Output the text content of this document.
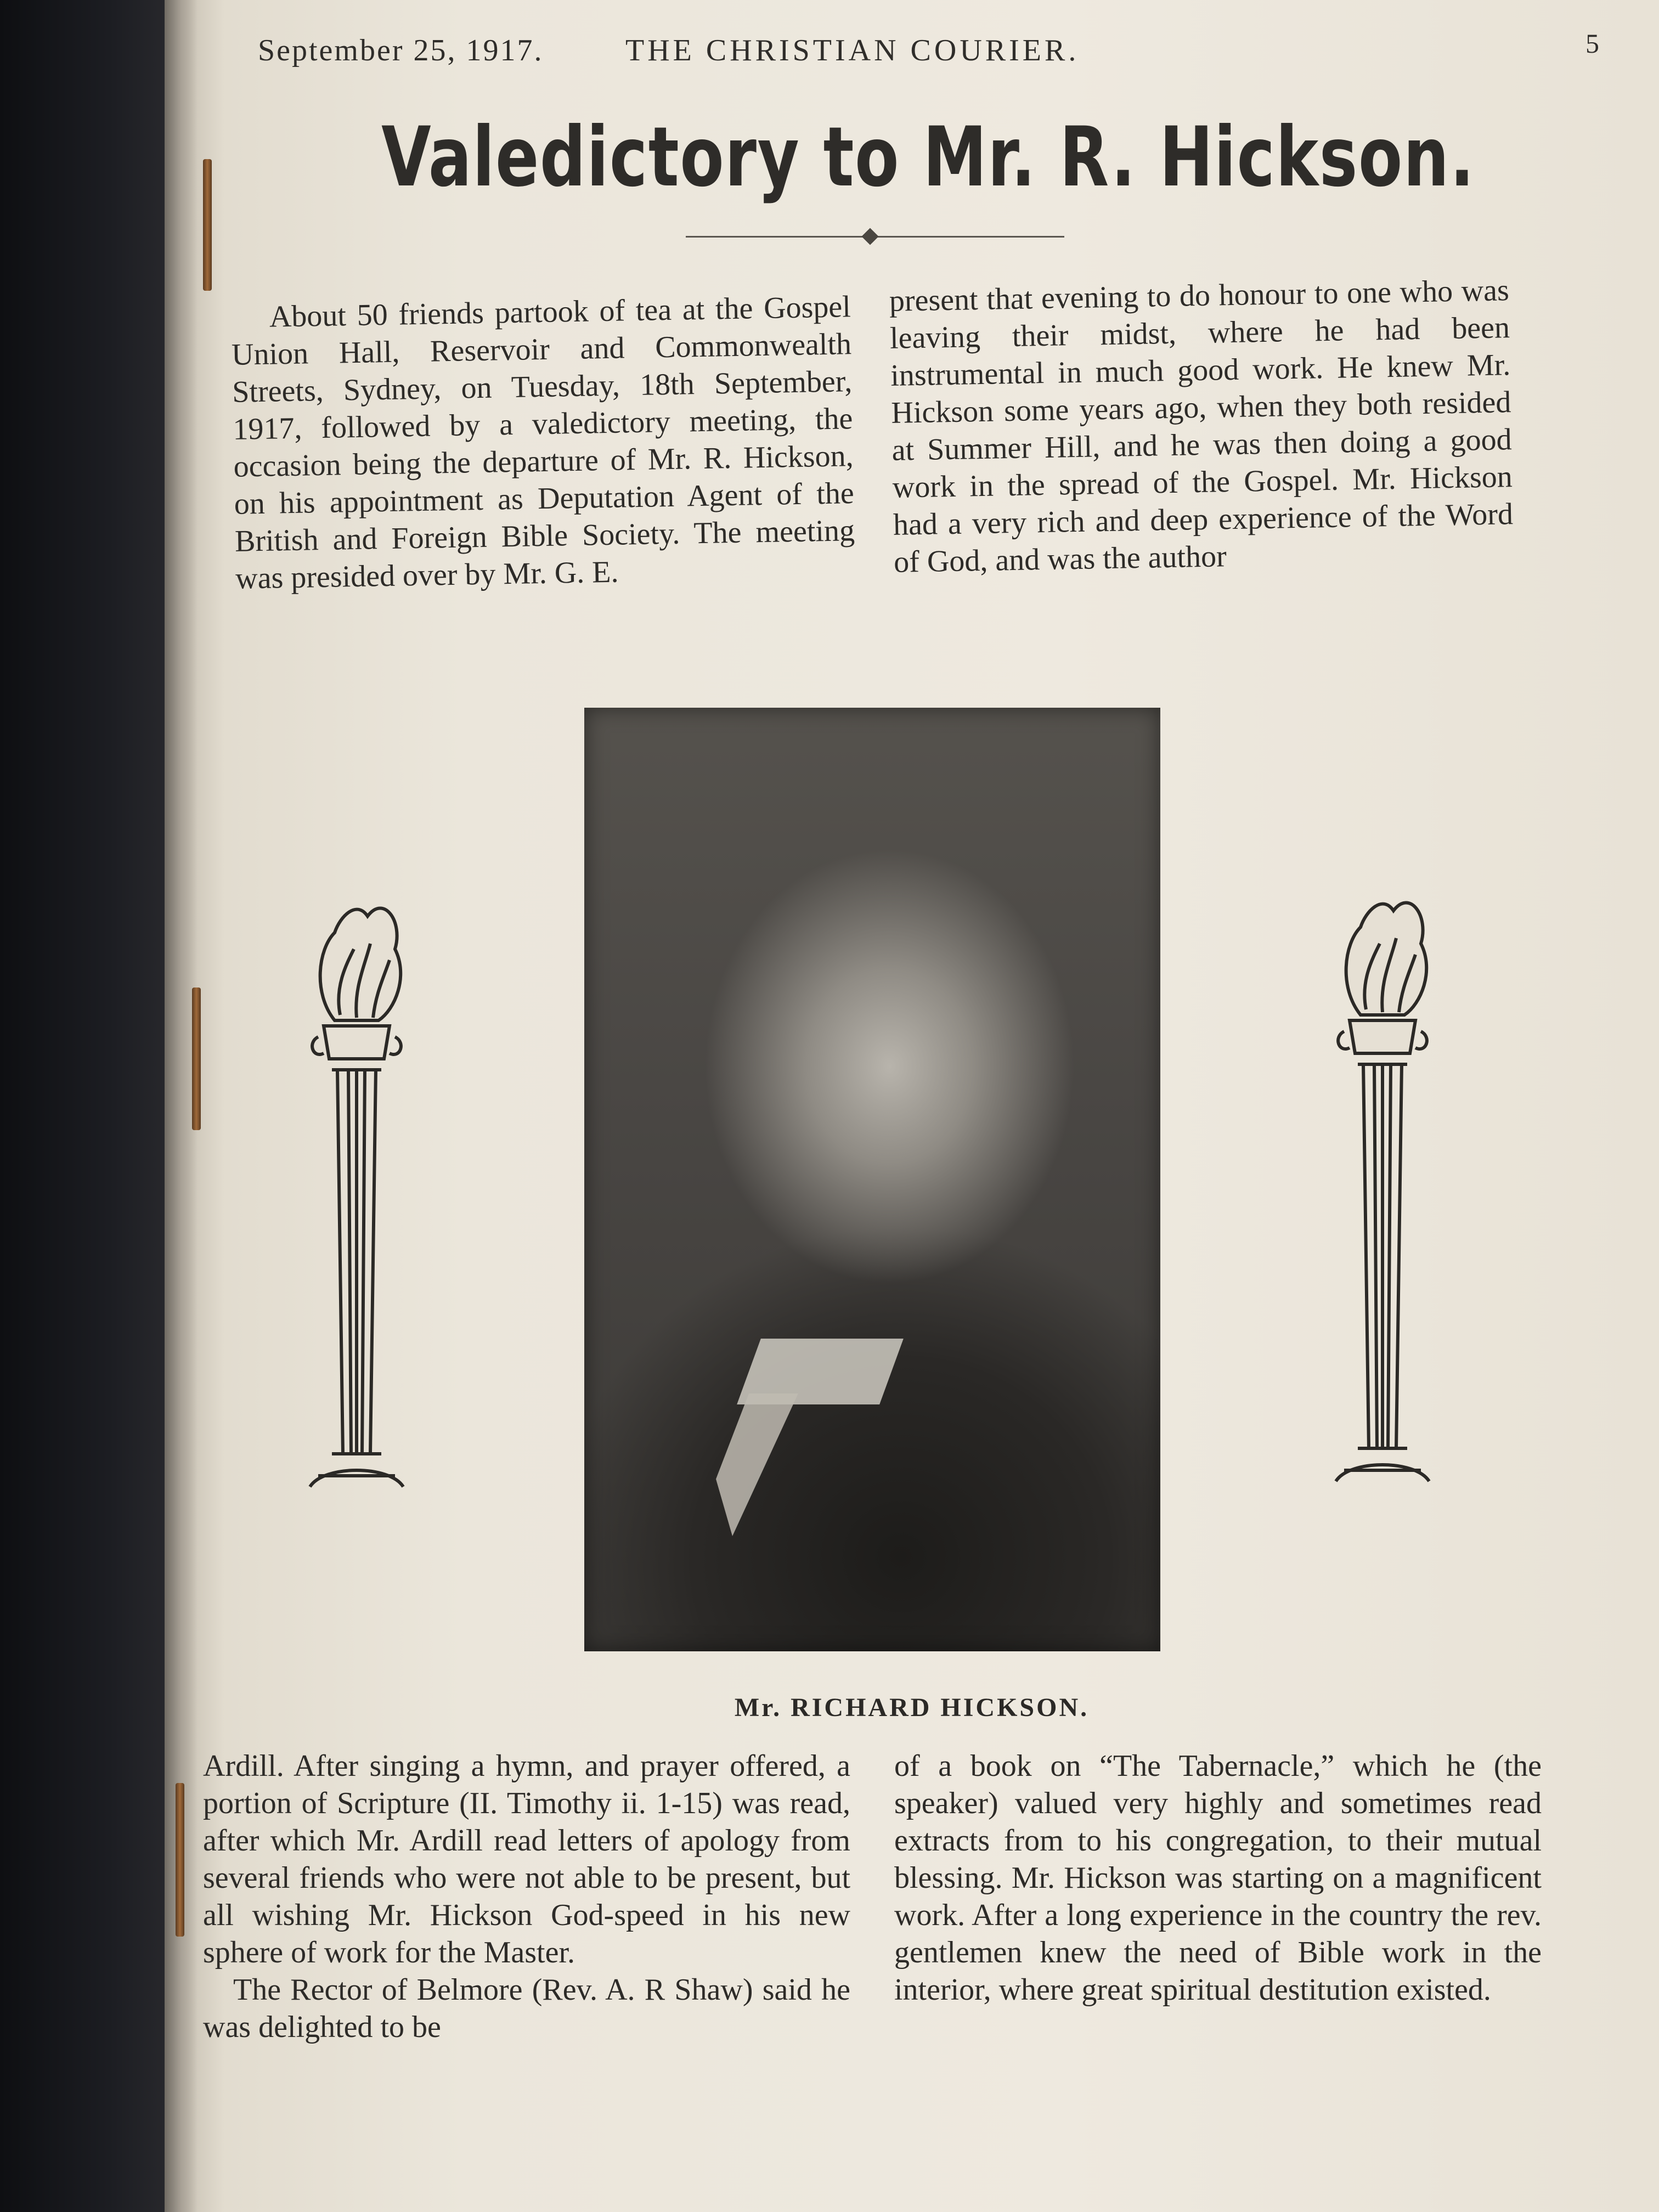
September 25, 1917.	THE CHRISTIAN COURIER.	5
Valedictory to Mr. R. Hickson.

About 50 friends partook of tea at the Gospel Union Hall, Reservoir and Commonwealth Streets, Sydney, on Tuesday, 18th September, 1917, followed by a valedictory meeting, the occasion being the departure of Mr. R. Hickson, on his appointment as Deputation Agent of the British and Foreign Bible Society. The meeting was presided over by Mr. G. E.

present that evening to do honour to one who was leaving their midst, where he had been instrumental in much good work. He knew Mr. Hickson some years ago, when they both resided at Summer Hill, and he was then doing a good work in the spread of the Gospel. Mr. Hickson had a very rich and deep experience of the Word of God, and was the author

Mr. RICHARD HICKSON.

Ardill. After singing a hymn, and prayer offered, a portion of Scripture (II. Timothy ii. 1-15) was read, after which Mr. Ardill read letters of apology from several friends who were not able to be present, but all wishing Mr. Hickson God-speed in his new sphere of work for the Master.

The Rector of Belmore (Rev. A. R Shaw) said he was delighted to be

of a book on “The Tabernacle,” which he (the speaker) valued very highly and sometimes read extracts from to his congregation, to their mutual blessing. Mr. Hickson was starting on a magnificent work. After a long experience in the country the rev. gentlemen knew the need of Bible work in the interior, where great spiritual destitution existed.
